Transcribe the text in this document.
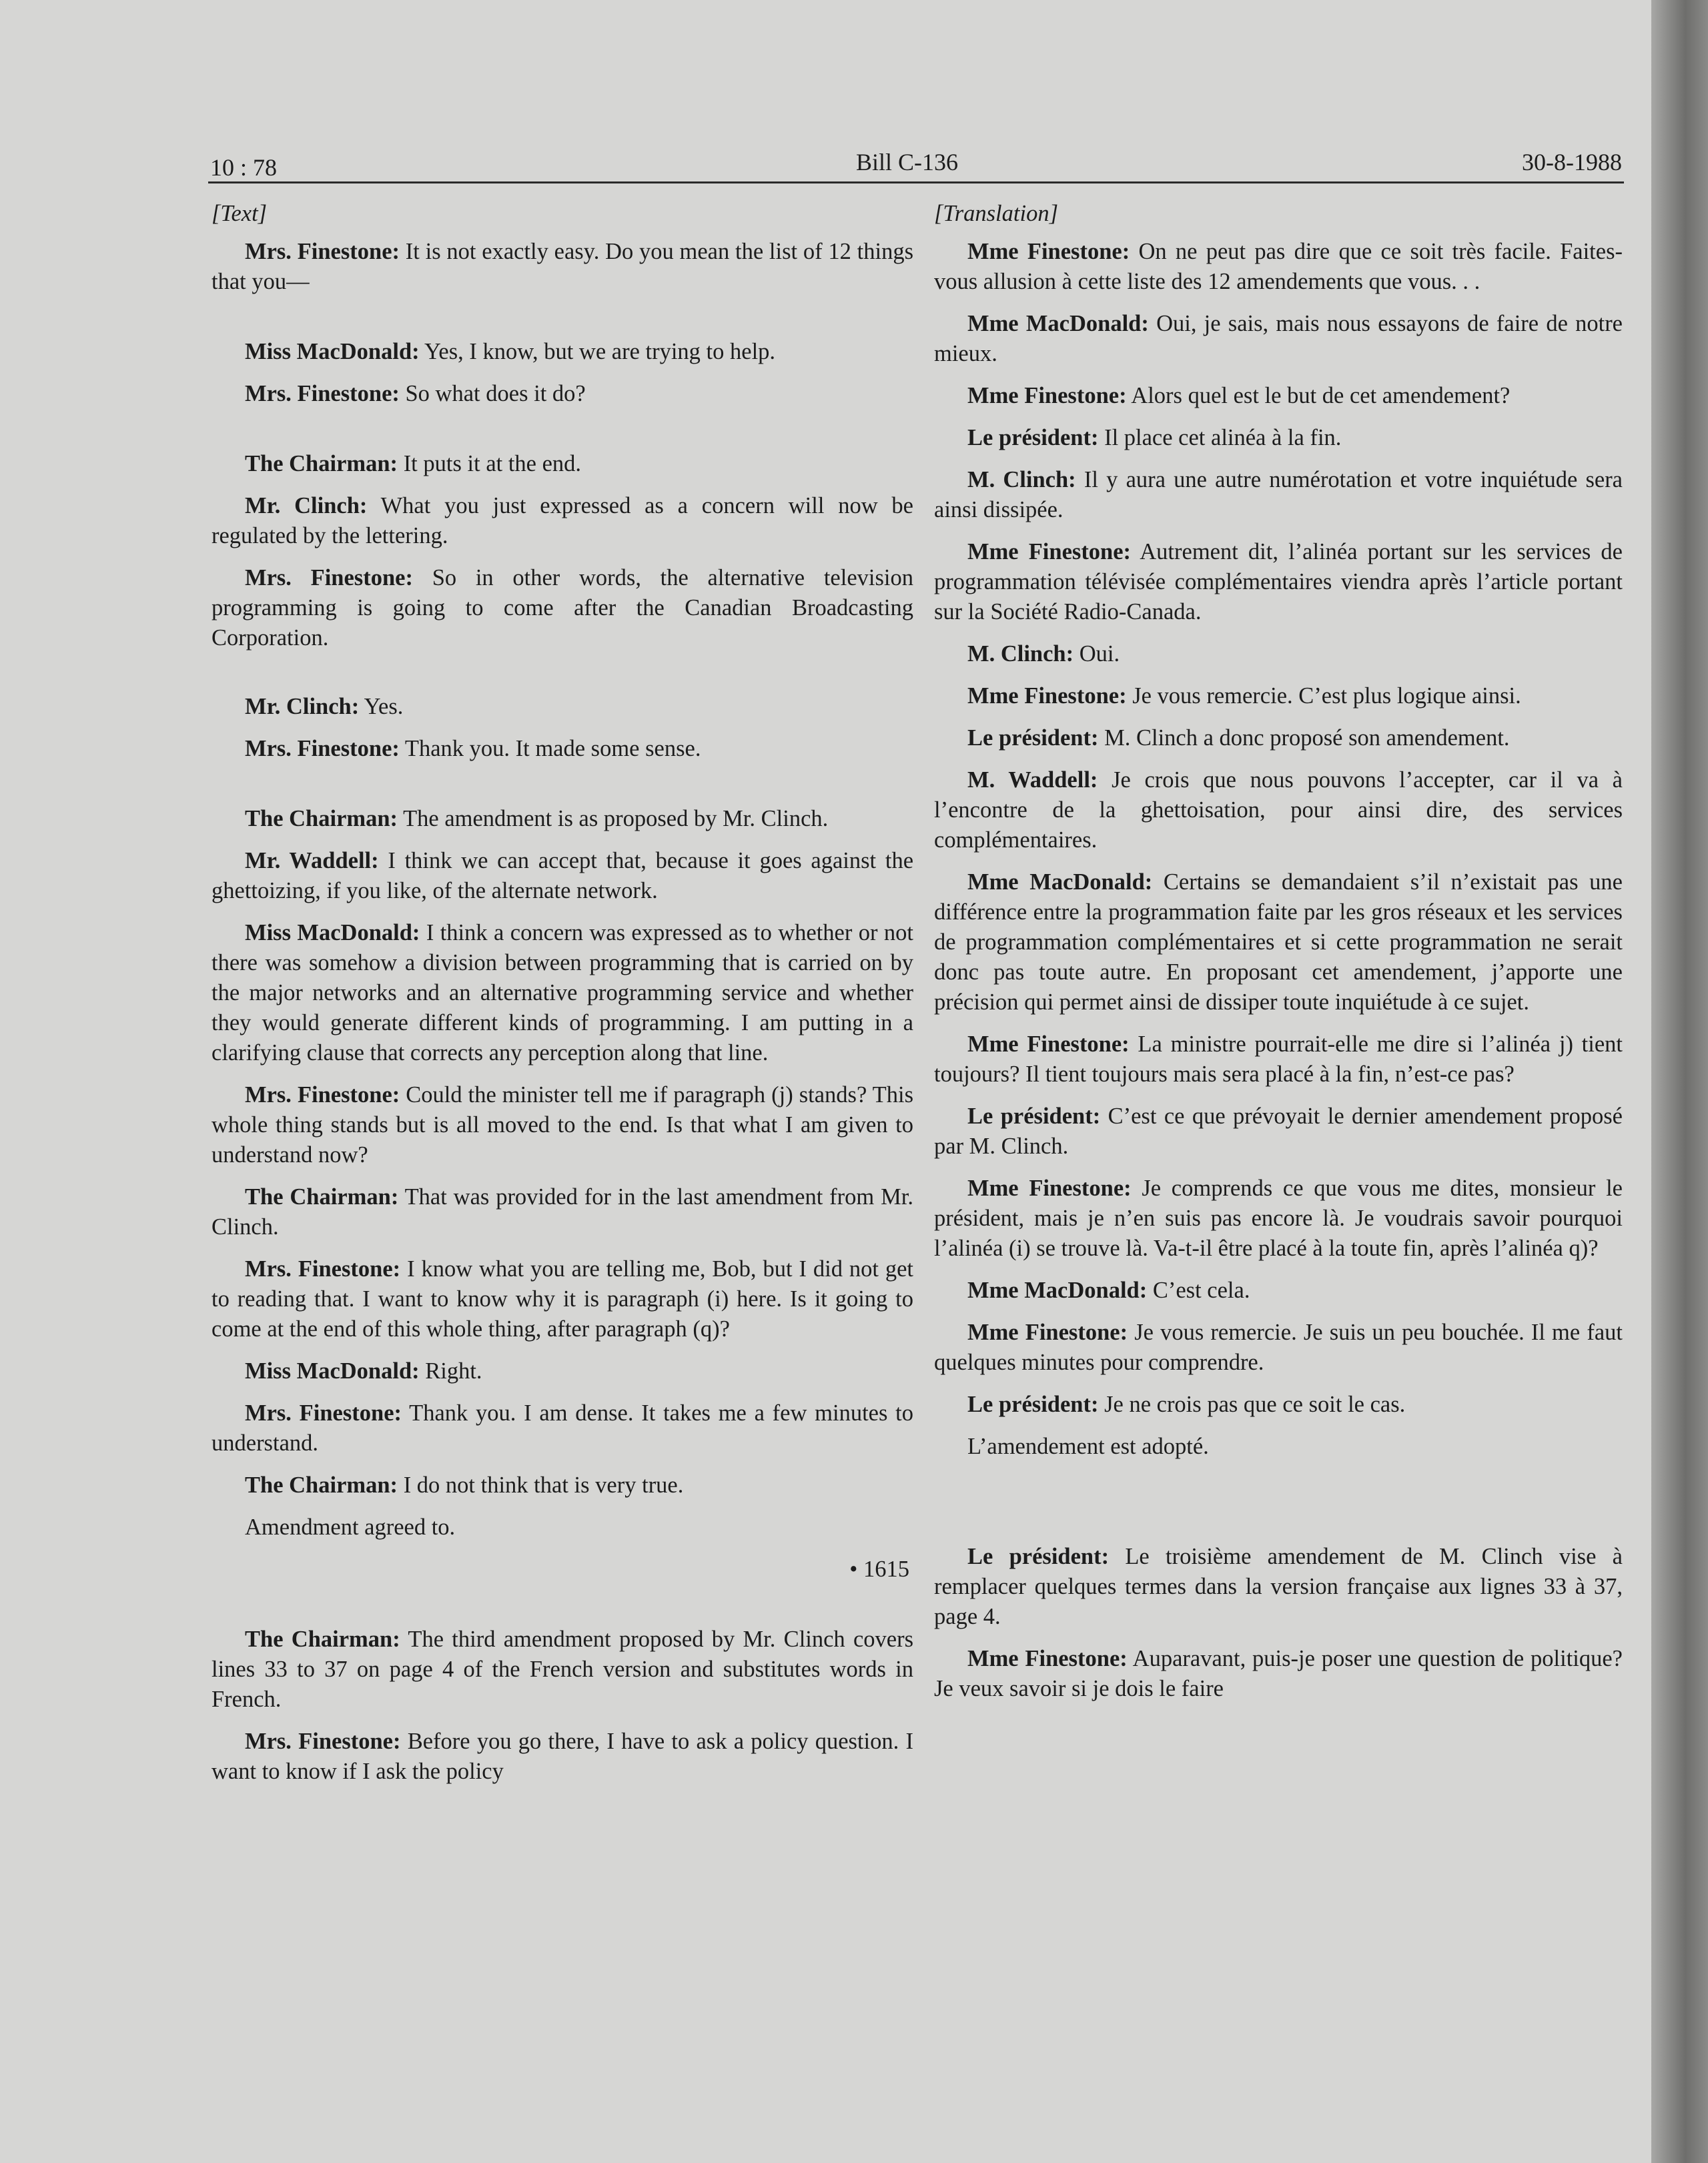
10 : 78	Bill C-136	30-8-1988
[Text]

Mrs. Finestone: It is not exactly easy. Do you mean the list of 12 things that you—

Miss MacDonald: Yes, I know, but we are trying to help.

Mrs. Finestone: So what does it do?

The Chairman: It puts it at the end.

Mr. Clinch: What you just expressed as a concern will now be regulated by the lettering.

Mrs. Finestone: So in other words, the alternative television programming is going to come after the Canadian Broadcasting Corporation.

Mr. Clinch: Yes.

Mrs. Finestone: Thank you. It made some sense.

The Chairman: The amendment is as proposed by Mr. Clinch.

Mr. Waddell: I think we can accept that, because it goes against the ghettoizing, if you like, of the alternate network.

Miss MacDonald: I think a concern was expressed as to whether or not there was somehow a division between programming that is carried on by the major networks and an alternative programming service and whether they would generate different kinds of programming. I am putting in a clarifying clause that corrects any perception along that line.

Mrs. Finestone: Could the minister tell me if paragraph (j) stands? This whole thing stands but is all moved to the end. Is that what I am given to understand now?

The Chairman: That was provided for in the last amendment from Mr. Clinch.

Mrs. Finestone: I know what you are telling me, Bob, but I did not get to reading that. I want to know why it is paragraph (i) here. Is it going to come at the end of this whole thing, after paragraph (q)?

Miss MacDonald: Right.

Mrs. Finestone: Thank you. I am dense. It takes me a few minutes to understand.

The Chairman: I do not think that is very true.

Amendment agreed to.

• 1615

The Chairman: The third amendment proposed by Mr. Clinch covers lines 33 to 37 on page 4 of the French version and substitutes words in French.

Mrs. Finestone: Before you go there, I have to ask a policy question. I want to know if I ask the policy

[Translation]

Mme Finestone: On ne peut pas dire que ce soit très facile. Faites-vous allusion à cette liste des 12 amendements que vous. . .

Mme MacDonald: Oui, je sais, mais nous essayons de faire de notre mieux.

Mme Finestone: Alors quel est le but de cet amendement?

Le président: Il place cet alinéa à la fin.

M. Clinch: Il y aura une autre numérotation et votre inquiétude sera ainsi dissipée.

Mme Finestone: Autrement dit, l’alinéa portant sur les services de programmation télévisée complémentaires viendra après l’article portant sur la Société Radio-Canada.

M. Clinch: Oui.

Mme Finestone: Je vous remercie. C’est plus logique ainsi.

Le président: M. Clinch a donc proposé son amendement.

M. Waddell: Je crois que nous pouvons l’accepter, car il va à l’encontre de la ghettoisation, pour ainsi dire, des services complémentaires.

Mme MacDonald: Certains se demandaient s’il n’existait pas une différence entre la programmation faite par les gros réseaux et les services de programmation complémentaires et si cette programmation ne serait donc pas toute autre. En proposant cet amendement, j’apporte une précision qui permet ainsi de dissiper toute inquiétude à ce sujet.

Mme Finestone: La ministre pourrait-elle me dire si l’alinéa j) tient toujours? Il tient toujours mais sera placé à la fin, n’est-ce pas?

Le président: C’est ce que prévoyait le dernier amendement proposé par M. Clinch.

Mme Finestone: Je comprends ce que vous me dites, monsieur le président, mais je n’en suis pas encore là. Je voudrais savoir pourquoi l’alinéa (i) se trouve là. Va-t-il être placé à la toute fin, après l’alinéa q)?

Mme MacDonald: C’est cela.

Mme Finestone: Je vous remercie. Je suis un peu bouchée. Il me faut quelques minutes pour comprendre.

Le président: Je ne crois pas que ce soit le cas.

L’amendement est adopté.

Le président: Le troisième amendement de M. Clinch vise à remplacer quelques termes dans la version française aux lignes 33 à 37, page 4.

Mme Finestone: Auparavant, puis-je poser une question de politique? Je veux savoir si je dois le faire
